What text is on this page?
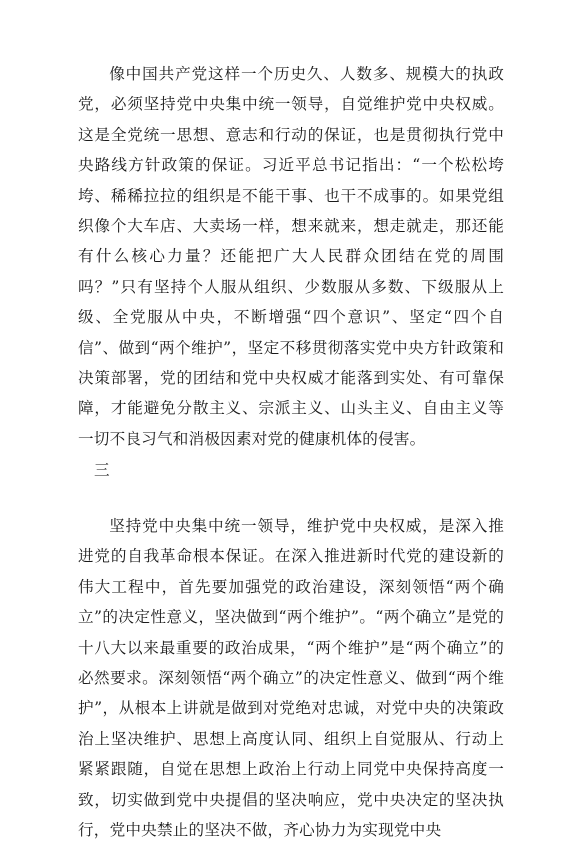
像中国共产党这样一个历史久、人数多、规模大的执政党，必须坚持党中央集中统一领导，自觉维护党中央权威。这是全党统一思想、意志和行动的保证，也是贯彻执行党中央路线方针政策的保证。习近平总书记指出：“一个松松垮垮、稀稀拉拉的组织是不能干事、也干不成事的。如果党组织像个大车店、大卖场一样，想来就来，想走就走，那还能有什么核心力量？还能把广大人民群众团结在党的周围吗？”只有坚持个人服从组织、少数服从多数、下级服从上级、全党服从中央，不断增强“四个意识”、坚定“四个自信”、做到“两个维护”，坚定不移贯彻落实党中央方针政策和决策部署，党的团结和党中央权威才能落到实处、有可靠保障，才能避免分散主义、宗派主义、山头主义、自由主义等一切不良习气和消极因素对党的健康机体的侵害。

三

坚持党中央集中统一领导，维护党中央权威，是深入推进党的自我革命根本保证。在深入推进新时代党的建设新的伟大工程中，首先要加强党的政治建设，深刻领悟“两个确立”的决定性意义，坚决做到“两个维护”。“两个确立”是党的十八大以来最重要的政治成果，“两个维护”是“两个确立”的必然要求。深刻领悟“两个确立”的决定性意义、做到“两个维护”，从根本上讲就是做到对党绝对忠诚，对党中央的决策政治上坚决维护、思想上高度认同、组织上自觉服从、行动上紧紧跟随，自觉在思想上政治上行动上同党中央保持高度一致，切实做到党中央提倡的坚决响应，党中央决定的坚决执行，党中央禁止的坚决不做，齐心协力为实现党中央
